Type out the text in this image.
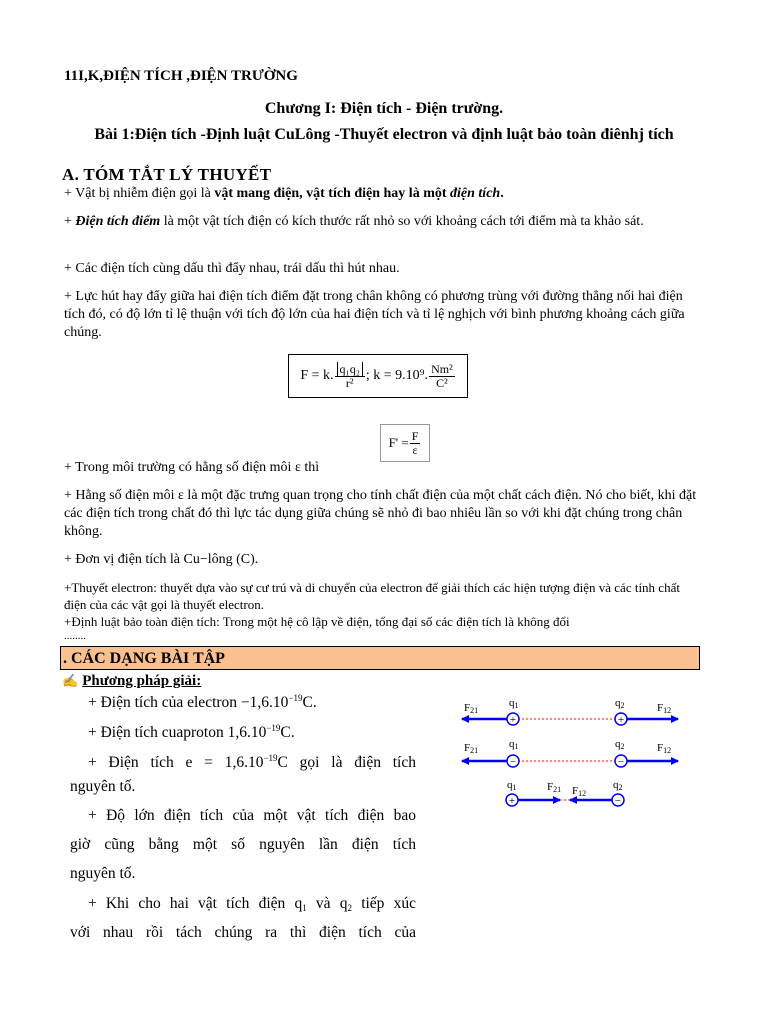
11I,K,ĐIỆN TÍCH ,ĐIỆN TRƯỜNG
Chương I: Điện tích - Điện trường.
Bài 1:Điện tích -Định luật CuLông -Thuyết electron và định luật bảo toàn điênhj tích
A. TÓM TẮT LÝ THUYẾT
+ Vật bị nhiễm điện gọi là vật mang điện, vật tích điện hay là một điện tích.
+ Điện tích điểm là một vật tích điện có kích thước rất nhỏ so với khoảng cách tới điểm mà ta khảo sát.
+ Các điện tích cùng dấu thì đẩy nhau, trái dấu thì hút nhau.
+ Lực hút hay đẩy giữa hai điện tích điểm đặt trong chân không có phương trùng với đường thẳng nối hai điện tích đó, có độ lớn tỉ lệ thuận với tích độ lớn của hai điện tích và tỉ lệ nghịch với bình phương khoảng cách giữa chúng.
F = k. $\frac{\text{q₁q₂}}{\text{r²}}$ ; k = 9.10⁹. $\frac{\text{Nm²}}{\text{C²}}$
$F' = \frac{F}{\varepsilon}$
+ Trong môi trường có hằng số điện môi ε thì
+ Hằng số điện môi ε là một đặc trưng quan trọng cho tính chất điện của một chất cách điện. Nó cho biết, khi đặt các điện tích trong chất đó thì lực tác dụng giữa chúng sẽ nhỏ đi bao nhiêu lần so với khi đặt chúng trong chân không.
+ Đơn vị điện tích là Cu−lông (C).
+Thuyết electron: thuyết dựa vào sự cư trú và di chuyển của electron để giải thích các hiện tượng điện và các tính chất điện của các vật gọi là thuyết electron.
+Định luật bảo toàn điện tích: Trong một hệ cô lập về điện, tổng đại số các điện tích là không đổi
........
. CÁC DẠNG BÀI TẬP
✍ Phương pháp giải:
+ Điện tích của electron $-1,6.10^{-19}C$.
+ Điện tích cuaproton $1,6.10^{-19}C$.
+ Điện tích $e = 1,6.10^{-19}C$ gọi là điện tích
nguyên tố.
+ Độ lớn điện tích của một vật tích điện bao
giờ cũng bằng một số nguyên lần điện tích
nguyên tố.
+ Khi cho hai vật tích điện $q_1$ và $q_2$ tiếp xúc
với nhau rồi tách chúng ra thì điện tích của
F21
q1	q2	F12
+	+
F21
q1	q2	F12
−	−
q1	F21 F12
q2
+	−
